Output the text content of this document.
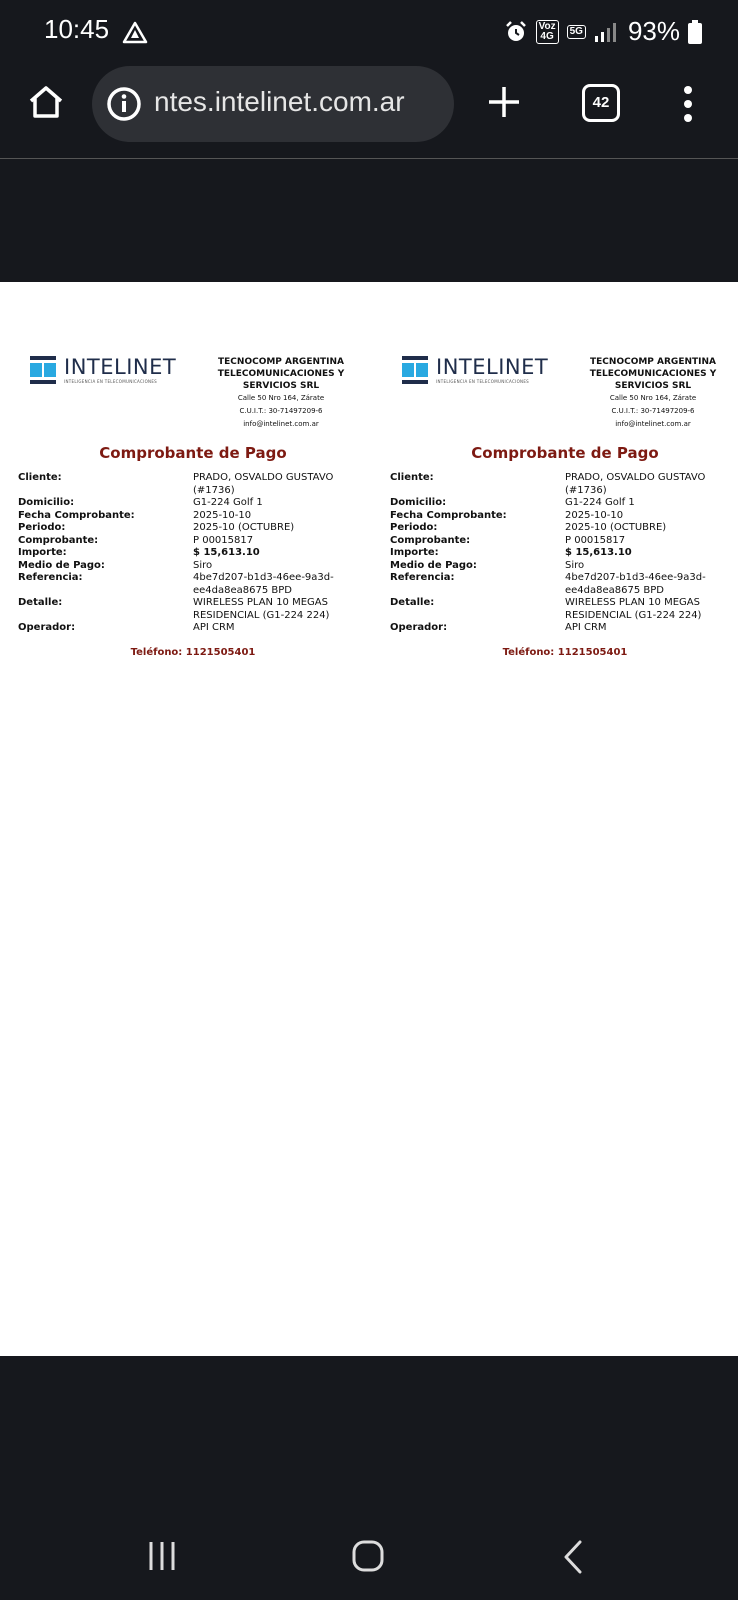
10:45	Voz
4G	5G 93%
ntes.intelinet.com.ar	42
INTELINET
INTELIGENCIA EN TELECOMUNICACIONES
TECNOCOMP ARGENTINA TELECOMUNICACIONES Y SERVICIOS SRL
Calle 50 Nro 164, Zárate
C.U.I.T.: 30-71497209-6
info@intelinet.com.ar
Comprobante de Pago
Cliente:	PRADO, OSVALDO GUSTAVO (#1736)
Domicilio:	G1-224 Golf 1
Fecha Comprobante:	2025-10-10
Periodo:	2025-10 (OCTUBRE)
Comprobante:	P 00015817
Importe:	$ 15,613.10
Medio de Pago:	Siro
Referencia:	4be7d207-b1d3-46ee-9a3d-ee4da8ea8675 BPD
Detalle:	WIRELESS PLAN 10 MEGAS RESIDENCIAL (G1-224 224)
Operador:	API CRM
Teléfono: 1121505401
INTELINET
INTELIGENCIA EN TELECOMUNICACIONES
TECNOCOMP ARGENTINA TELECOMUNICACIONES Y SERVICIOS SRL
Calle 50 Nro 164, Zárate
C.U.I.T.: 30-71497209-6
info@intelinet.com.ar
Comprobante de Pago
Cliente:	PRADO, OSVALDO GUSTAVO (#1736)
Domicilio:	G1-224 Golf 1
Fecha Comprobante:	2025-10-10
Periodo:	2025-10 (OCTUBRE)
Comprobante:	P 00015817
Importe:	$ 15,613.10
Medio de Pago:	Siro
Referencia:	4be7d207-b1d3-46ee-9a3d-ee4da8ea8675 BPD
Detalle:	WIRELESS PLAN 10 MEGAS RESIDENCIAL (G1-224 224)
Operador:	API CRM
Teléfono: 1121505401
